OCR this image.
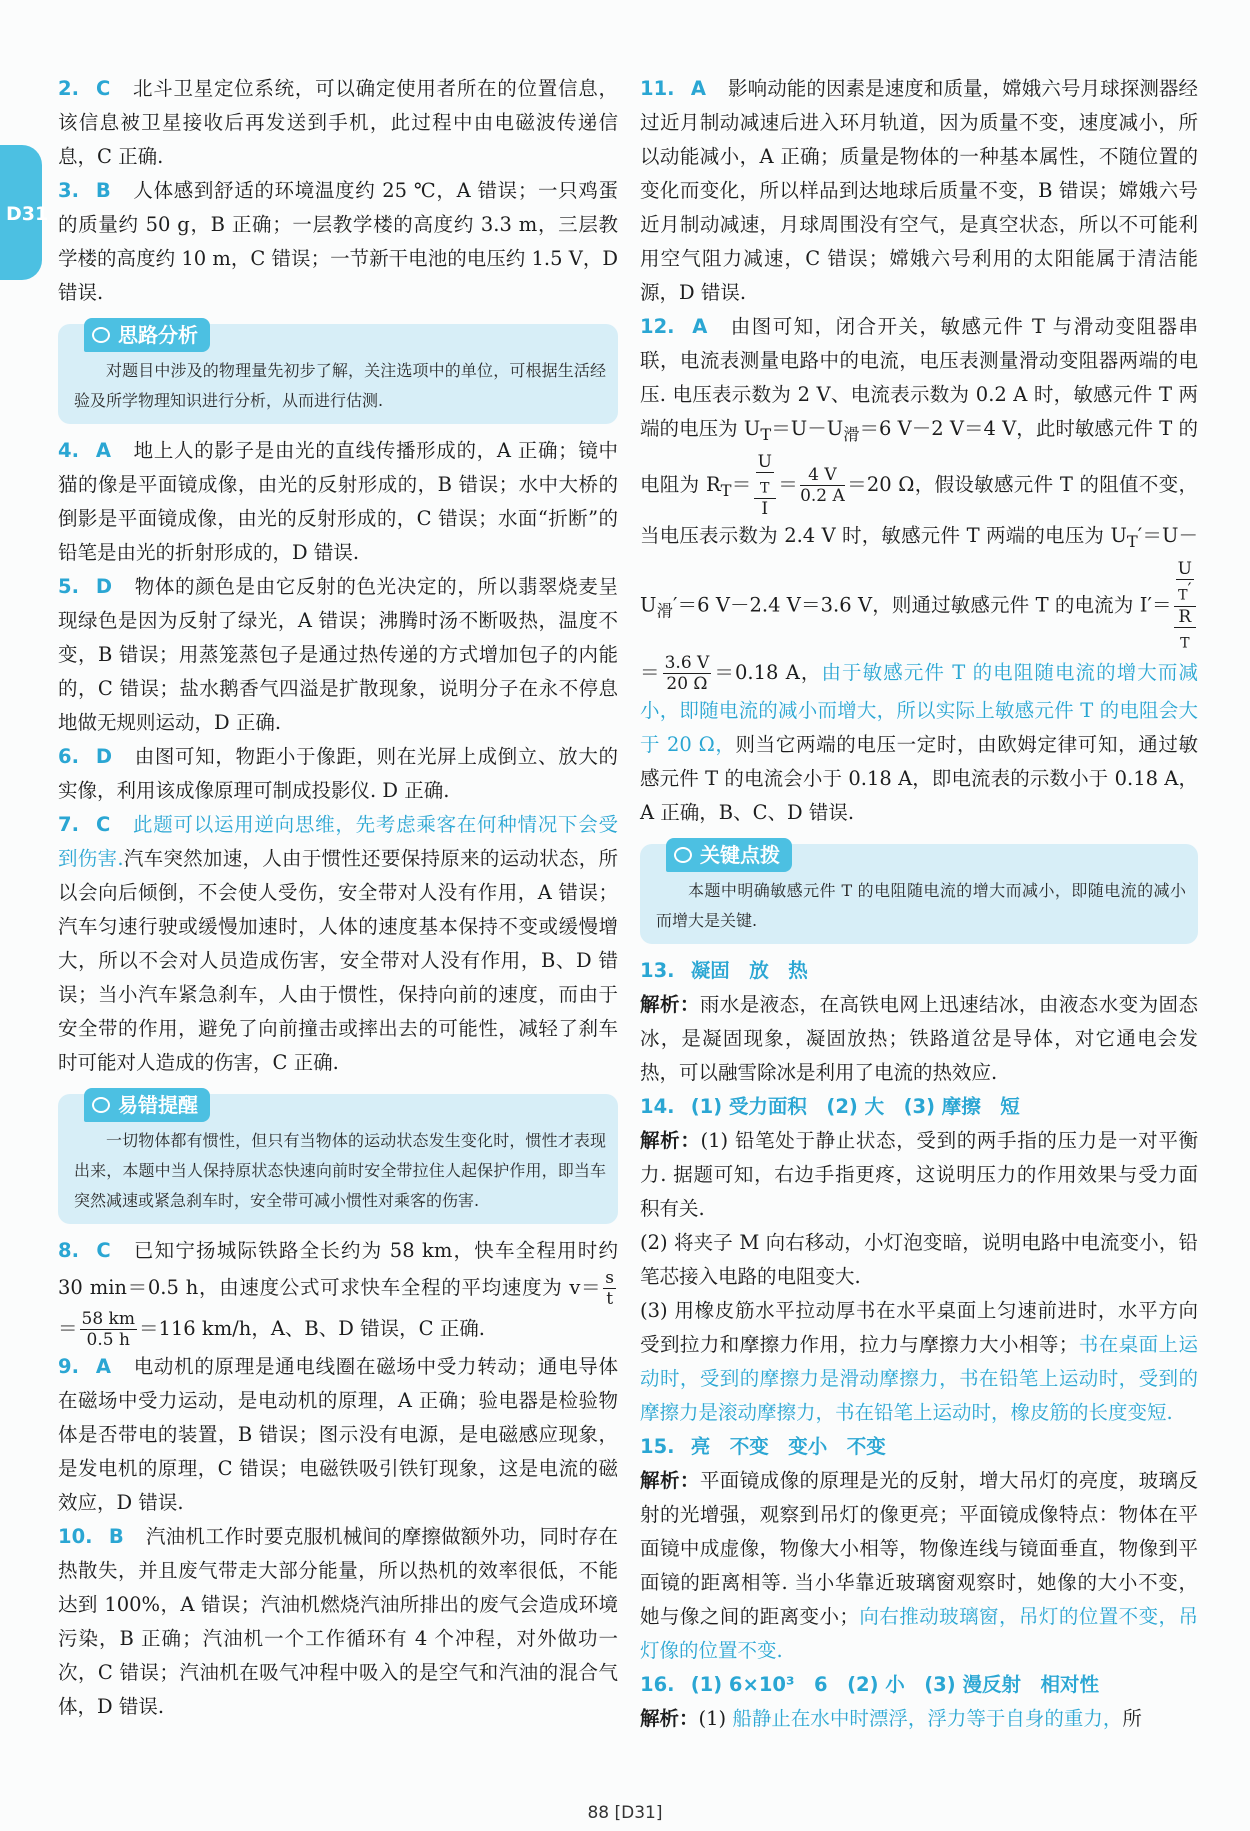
D31

2. C 北斗卫星定位系统，可以确定使用者所在的位置信息，该信息被卫星接收后再发送到手机，此过程中由电磁波传递信息，C 正确.

3. B 人体感到舒适的环境温度约 25 ℃，A 错误；一只鸡蛋的质量约 50 g，B 正确；一层教学楼的高度约 3.3 m，三层教学楼的高度约 10 m，C 错误；一节新干电池的电压约 1.5 V，D 错误.

思路分析

对题目中涉及的物理量先初步了解，关注选项中的单位，可根据生活经验及所学物理知识进行分析，从而进行估测.

4. A 地上人的影子是由光的直线传播形成的，A 正确；镜中猫的像是平面镜成像，由光的反射形成的，B 错误；水中大桥的倒影是平面镜成像，由光的反射形成的，C 错误；水面“折断”的铅笔是由光的折射形成的，D 错误.

5. D 物体的颜色是由它反射的色光决定的，所以翡翠烧麦呈现绿色是因为反射了绿光，A 错误；沸腾时汤不断吸热，温度不变，B 错误；用蒸笼蒸包子是通过热传递的方式增加包子的内能的，C 错误；盐水鹅香气四溢是扩散现象，说明分子在永不停息地做无规则运动，D 正确.

6. D 由图可知，物距小于像距，则在光屏上成倒立、放大的实像，利用该成像原理可制成投影仪. D 正确.

7. C 此题可以运用逆向思维，先考虑乘客在何种情况下会受到伤害.汽车突然加速，人由于惯性还要保持原来的运动状态，所以会向后倾倒，不会使人受伤，安全带对人没有作用，A 错误；汽车匀速行驶或缓慢加速时，人体的速度基本保持不变或缓慢增大，所以不会对人员造成伤害，安全带对人没有作用，B、D 错误；当小汽车紧急刹车，人由于惯性，保持向前的速度，而由于安全带的作用，避免了向前撞击或摔出去的可能性，减轻了刹车时可能对人造成的伤害，C 正确.

易错提醒

一切物体都有惯性，但只有当物体的运动状态发生变化时，惯性才表现出来，本题中当人保持原状态快速向前时安全带拉住人起保护作用，即当车突然减速或紧急刹车时，安全带可减小惯性对乘客的伤害.

8. C 已知宁扬城际铁路全长约为 58 km，快车全程用时约 30 min＝0.5 h，由速度公式可求快车全程的平均速度为 $v= \frac{s}{t}$
＝ $\frac{58 km}{0.5 h} =116$ km/h，A、B、D 错误，C 正确.

9. A 电动机的原理是通电线圈在磁场中受力转动；通电导体在磁场中受力运动，是电动机的原理，A 正确；验电器是检验物体是否带电的装置，B 错误；图示没有电源，是电磁感应现象，是发电机的原理，C 错误；电磁铁吸引铁钉现象，这是电流的磁效应，D 错误.

10. B 汽油机工作时要克服机械间的摩擦做额外功，同时存在热散失，并且废气带走大部分能量，所以热机的效率很低，不能达到 100%，A 错误；汽油机燃烧汽油所排出的废气会造成环境污染，B 正确；汽油机一个工作循环有 4 个冲程，对外做功一次，C 错误；汽油机在吸气冲程中吸入的是空气和汽油的混合气体，D 错误.

11. A 影响动能的因素是速度和质量，嫦娥六号月球探测器经过近月制动减速后进入环月轨道，因为质量不变，速度减小，所以动能减小，A 正确；质量是物体的一种基本属性，不随位置的变化而变化，所以样品到达地球后质量不变，B 错误；嫦娥六号近月制动减速，月球周围没有空气，是真空状态，所以不可能利用空气阻力减速，C 错误；嫦娥六号利用的太阳能属于清洁能源，D 错误.

12. A 由图可知，闭合开关，敏感元件 T 与滑动变阻器串联，电流表测量电路中的电流，电压表测量滑动变阻器两端的电压. 电压表示数为 2 V、电流表示数为 0.2 A 时，敏感元件 T 两端的电压为 $U_T=U-U_滑=6$ V－2 V＝4 V，此时敏感元件 T 的电阻为 $R_T= U$
$_T$
$I = \frac{4 V}{0.2 A} =20$ Ω，假设敏感元件 T 的阻值不变，当电压表示数为 2.4 V 时，敏感元件 T 两端的电压为 $U_T'=U-U_滑'=6$ V－2.4 V＝3.6 V，则通过敏感元件 T 的电流为 I′＝ U
$_T$′
R
$_T$
＝ $\frac{3.6 V}{20 \Omega} =0.18$ A，由于敏感元件 T 的电阻随电流的增大而减小，即随电流的减小而增大，所以实际上敏感元件 T 的电阻会大于 20 Ω，则当它两端的电压一定时，由欧姆定律可知，通过敏感元件 T 的电流会小于 0.18 A，即电流表的示数小于 0.18 A，A 正确，B、C、D 错误.

关键点拨

本题中明确敏感元件 T 的电阻随电流的增大而减小，即随电流的减小而增大是关键.

13. 凝固　放　热

解析：雨水是液态，在高铁电网上迅速结冰，由液态水变为固态冰，是凝固现象，凝固放热；铁路道岔是导体，对它通电会发热，可以融雪除冰是利用了电流的热效应.

14. (1) 受力面积　(2) 大　(3) 摩擦　短

解析：(1) 铅笔处于静止状态，受到的两手指的压力是一对平衡力. 据题可知，右边手指更疼，这说明压力的作用效果与受力面积有关.

(2) 将夹子 M 向右移动，小灯泡变暗，说明电路中电流变小，铅笔芯接入电路的电阻变大.

(3) 用橡皮筋水平拉动厚书在水平桌面上匀速前进时，水平方向受到拉力和摩擦力作用，拉力与摩擦力大小相等；书在桌面上运动时，受到的摩擦力是滑动摩擦力，书在铅笔上运动时，受到的摩擦力是滚动摩擦力，书在铅笔上运动时，橡皮筋的长度变短.

15. 亮　不变　变小　不变

解析：平面镜成像的原理是光的反射，增大吊灯的亮度，玻璃反射的光增强，观察到吊灯的像更亮；平面镜成像特点：物体在平面镜中成虚像，物像大小相等，物像连线与镜面垂直，物像到平面镜的距离相等. 当小华靠近玻璃窗观察时，她像的大小不变，她与像之间的距离变小；向右推动玻璃窗，吊灯的位置不变，吊灯像的位置不变.

16. (1) 6×10³　6　(2) 小　(3) 漫反射　相对性

解析：(1) 船静止在水中时漂浮，浮力等于自身的重力，所

88 [D31]
